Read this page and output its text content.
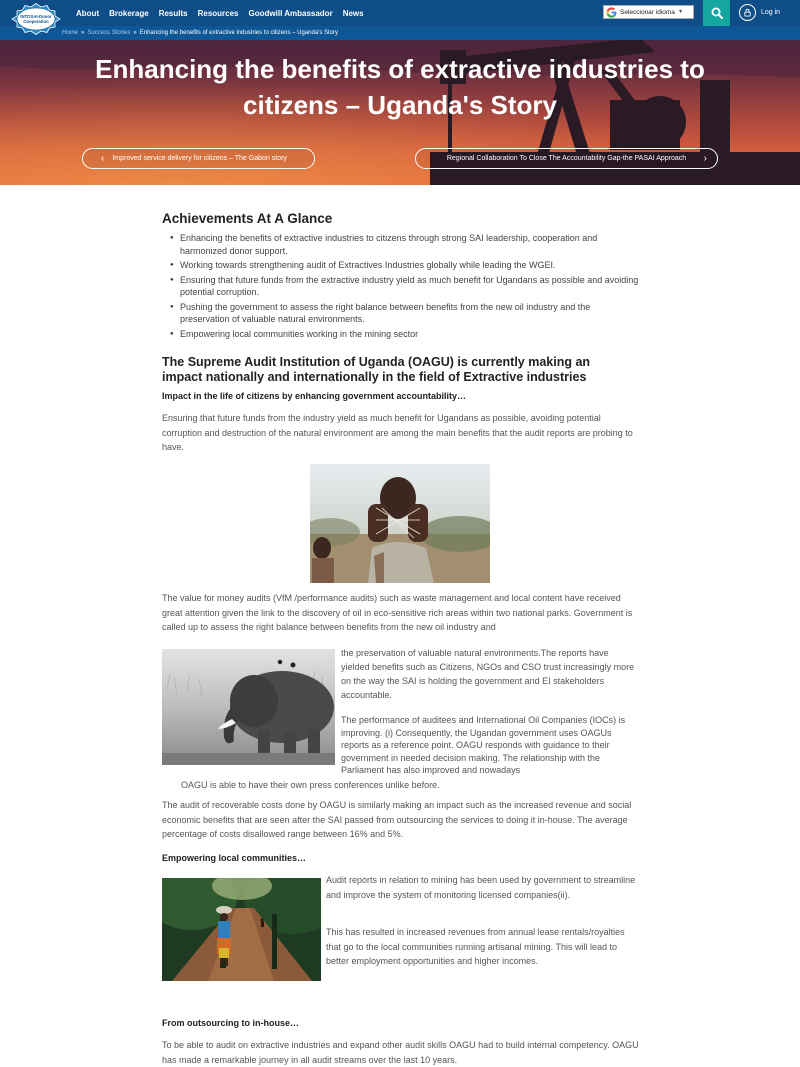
About Brokerage Results Resources Goodwill Ambassador News	Seleccionar idioma ▼	Log in
INTOSAI-Donor Cooperation
Home » Success Stories » Enhancing the benefits of extractive industries to citizens – Uganda's Story
Enhancing the benefits of extractive industries to citizens – Uganda's Story
‹ Improved service delivery for citizens – The Gabon story	Regional Collaboration To Close The Accountability Gap-the PASAI Approach ›
Achievements At A Glance
● Enhancing the benefits of extractive industries to citizens through strong SAI leadership, cooperation and harmonized donor support.
● Working towards strengthening audit of Extractives Industries globally while leading the WGEI.
● Ensuring that future funds from the extractive industry yield as much benefit for Ugandans as possible and avoiding potential corruption.
● Pushing the government to assess the right balance between benefits from the new oil industry and the preservation of valuable natural environments.
● Empowering local communities working in the mining sector
The Supreme Audit Institution of Uganda (OAGU) is currently making an impact nationally and internationally in the field of Extractive industries
Impact in the life of citizens by enhancing government accountability…

Ensuring that future funds from the industry yield as much benefit for Ugandans as possible, avoiding potential corruption and destruction of the natural environment are among the main benefits that the audit reports are probing to have.

The value for money audits (VfM /performance audits) such as waste management and local content have received great attention given the link to the discovery of oil in eco-sensitive rich areas within two national parks. Government is called up to assess the right balance between benefits from the new oil industry and

the preservation of valuable natural environments.The reports have yielded benefits such as Citizens, NGOs and CSO trust increasingly more on the way the SAI is holding the government and EI stakeholders accountable.

The performance of auditees and International Oil Companies (IOCs) is improving. (i) Consequently, the Ugandan government uses OAGUs reports as a reference point. OAGU responds with guidance to their government in needed decision making. The relationship with the Parliament has also improved and nowadays

OAGU is able to have their own press conferences unlike before.

The audit of recoverable costs done by OAGU is similarly making an impact such as the increased revenue and social economic benefits that are seen after the SAI passed from outsourcing the services to doing it in-house. The average percentage of costs disallowed range between 16% and 5%.

Empowering local communities…

Audit reports in relation to mining has been used by government to streamline and improve the system of monitoring licensed companies(ii).

This has resulted in increased revenues from annual lease rentals/royalties that go to the local communities running artisanal mining. This will lead to better employment opportunities and higher incomes.

From outsourcing to in-house…

To be able to audit on extractive industries and expand other audit skills OAGU had to build internal competency. OAGU has made a remarkable journey in all audit streams over the last 10 years.
